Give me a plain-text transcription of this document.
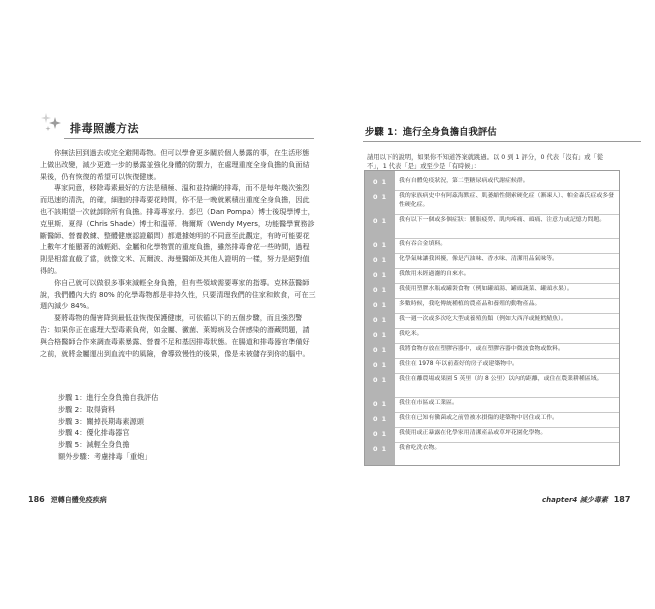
排毒照護方法

你無法回到過去或完全避開毒物。但可以學會更多關於個人暴露的事，在生活形態上做出改變，減少更進一步的暴露並強化身體的防禦力，在處理重度全身負擔的負面結果後，仍有恢復的希望可以恢復健康。

專家同意，移除毒素最好的方法是積極、溫和並持續的排毒，而不是每年幾次強烈而迅速的清洗，的確，細胞的排毒要花時間，你不是一晚就累積出重度全身負擔，因此也不該期望一次就卸除所有負擔。排毒專家丹．彭巴（Dan Pompa）博士後現學博士，克里斯．夏得（Chris Shade）博士和溫蒂．梅爾斯（Wendy Myers，功能醫學實務診斷醫師、營養教練、整體健康認證顧問）都還據她明的不同意至此觀定，有時可能要花上數年才能顯著的減輕鋁、金屬和化學物質的重度負擔，雖然排毒會花一些時間，過程則是相當直截了當，就像文米、瓦爾波、海曼醫師及其他人證明的一樣，努力是絕對值得的。

你自己就可以做很多事來減輕全身負擔，但有些領域需要專家的指導。克林茲醫師說，我們體內大約 80% 的化學毒物都是非持久性，只要清理我們的住家和飲食，可在三週內減少 84%。

要將毒物的傷害降到最低並恢復保護健康，可依循以下的五個步驟，而且強烈警告：如果你正在處理大型毒素負荷，如金屬、黴菌、萊姆病及合併感染的潛藏問題，請與合格醫師合作來調查毒素暴露、營養不足和基因排毒狀態。在腸道和排毒器官準備好之前，就將金屬運出到血流中的風險，會導致慢性的後果，像是未被儲存到你的腦中。

步驟 1：進行全身負擔自我評估
步驟 2：取得資料
步驟 3：關掉長期毒素源頭
步驟 4：優化排毒器官
步驟 5：減輕全身負擔
額外步驟：考慮排毒「重炮」
186 逆轉自體免疫疾病
步驟 1：進行全身負擔自我評估
請用以下的說明，如果你不知道答案就跳過。以 0 到 1 評分，0 代表「沒有」或「從不」，1 代表「是」或至少是「有時候」：
0 1	我有自體免疫狀況，第二型糖尿病或代謝症候群。
0 1	我的家族病史中有阿茲海默症、肌萎縮性側索硬化症（漸凍人）、帕金森氏症或多發性硬化症。
0 1	我有以下一個或多個症狀：腫脹疲勞、肌肉疼痛、頭痛、注意力或記憶力問題。
0 1	我有吞合金填料。
0 1	化學氣味讓我困擾，像是汽油味、香水味、清潔用品氣味等。
0 1	我飲用未經過濾的自來水。
0 1	我使用塑膠水瓶或罐裝食物（例如罐頭湯、罐頭蔬菜、罐頭水果）。
0 1	多數時候，我吃傳統種植的農產品和養殖的動物產品。
0 1	我一週一次或多次吃大型或養殖魚類（例如大西洋或鮭鱈鯖魚）。
0 1	我吃米。
0 1	我將食物存放在塑膠容器中，或在塑膠容器中微波食物或飲料。
0 1	我住在 1978 年以前蓋好的房子或建築物中。
0 1	我住在離農場或果園 5 英里（約 8 公里）以內的距離，或住在農業耕種區域。
0 1	我住在市區或工業區。
0 1	我住在已知有黴菌或之前曾被水損傷的建築物中居住或工作。
0 1	我使用或正暴露在化學家用清潔產品或草坪花園化學物。
0 1	我會吃洗衣物。
chapter4 減少毒素 187
